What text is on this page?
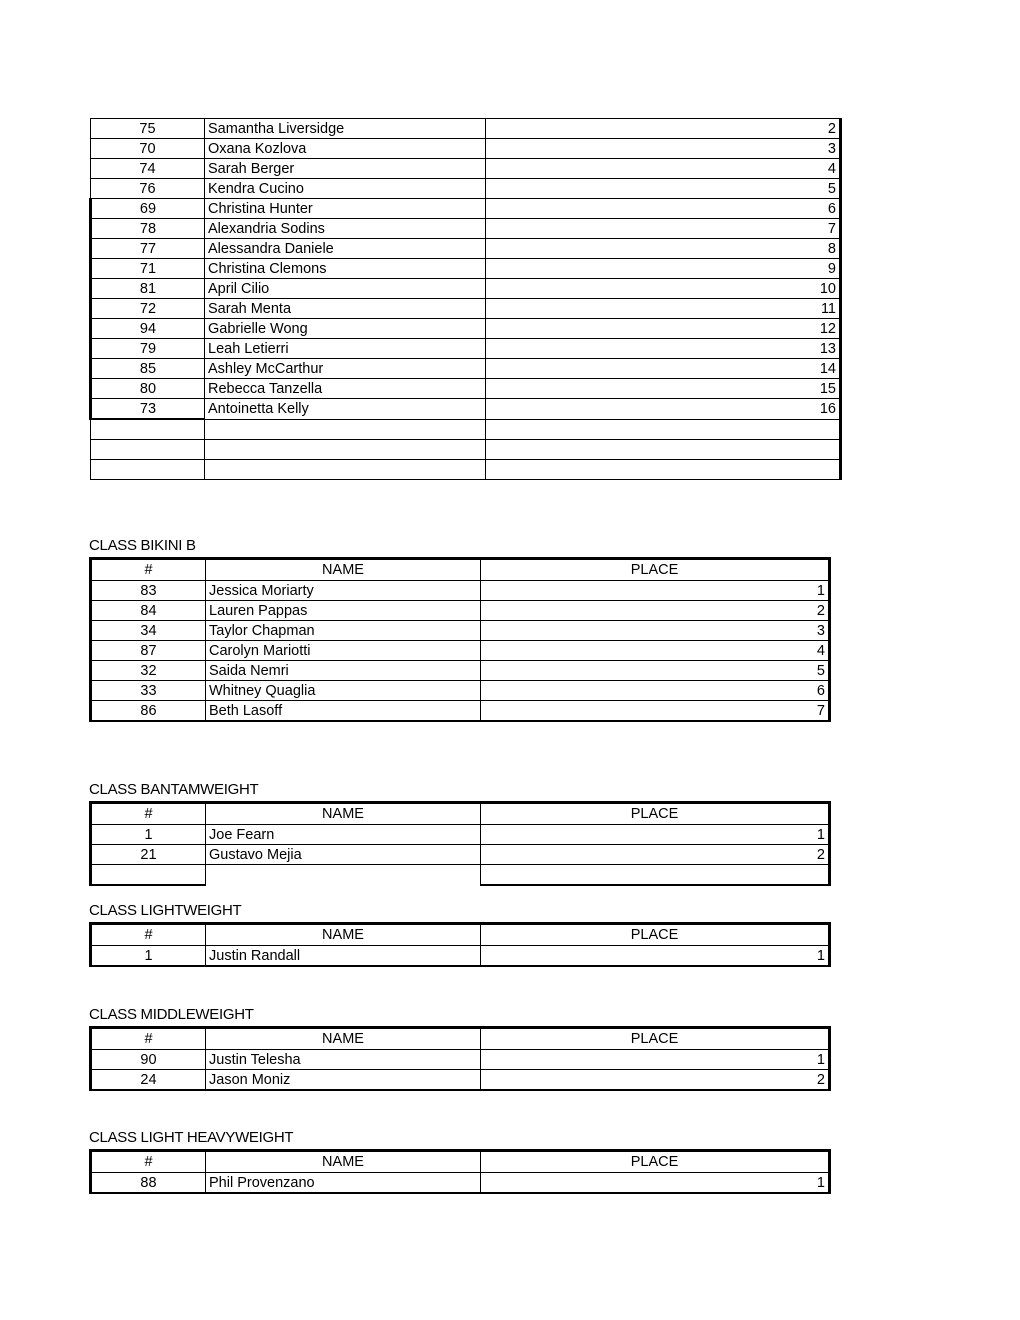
75	Samantha Liversidge	2
70	Oxana Kozlova	3
74	Sarah Berger	4
76	Kendra Cucino	5
69	Christina Hunter	6
78	Alexandria Sodins	7
77	Alessandra Daniele	8
71	Christina Clemons	9
81	April Cilio	10
72	Sarah Menta	11
94	Gabrielle Wong	12
79	Leah Letierri	13
85	Ashley McCarthur	14
80	Rebecca Tanzella	15
73	Antoinetta Kelly	16

CLASS BIKINI B
#	NAME	PLACE
83	Jessica Moriarty	1
84	Lauren Pappas	2
34	Taylor Chapman	3
87	Carolyn Mariotti	4
32	Saida Nemri	5
33	Whitney Quaglia	6
86	Beth Lasoff	7
CLASS BANTAMWEIGHT
#	NAME	PLACE
1	Joe Fearn	1
21	Gustavo Mejia	2

CLASS LIGHTWEIGHT
#	NAME	PLACE
1	Justin Randall	1
CLASS MIDDLEWEIGHT
#	NAME	PLACE
90	Justin Telesha	1
24	Jason Moniz	2
CLASS LIGHT HEAVYWEIGHT
#	NAME	PLACE
88	Phil Provenzano	1
